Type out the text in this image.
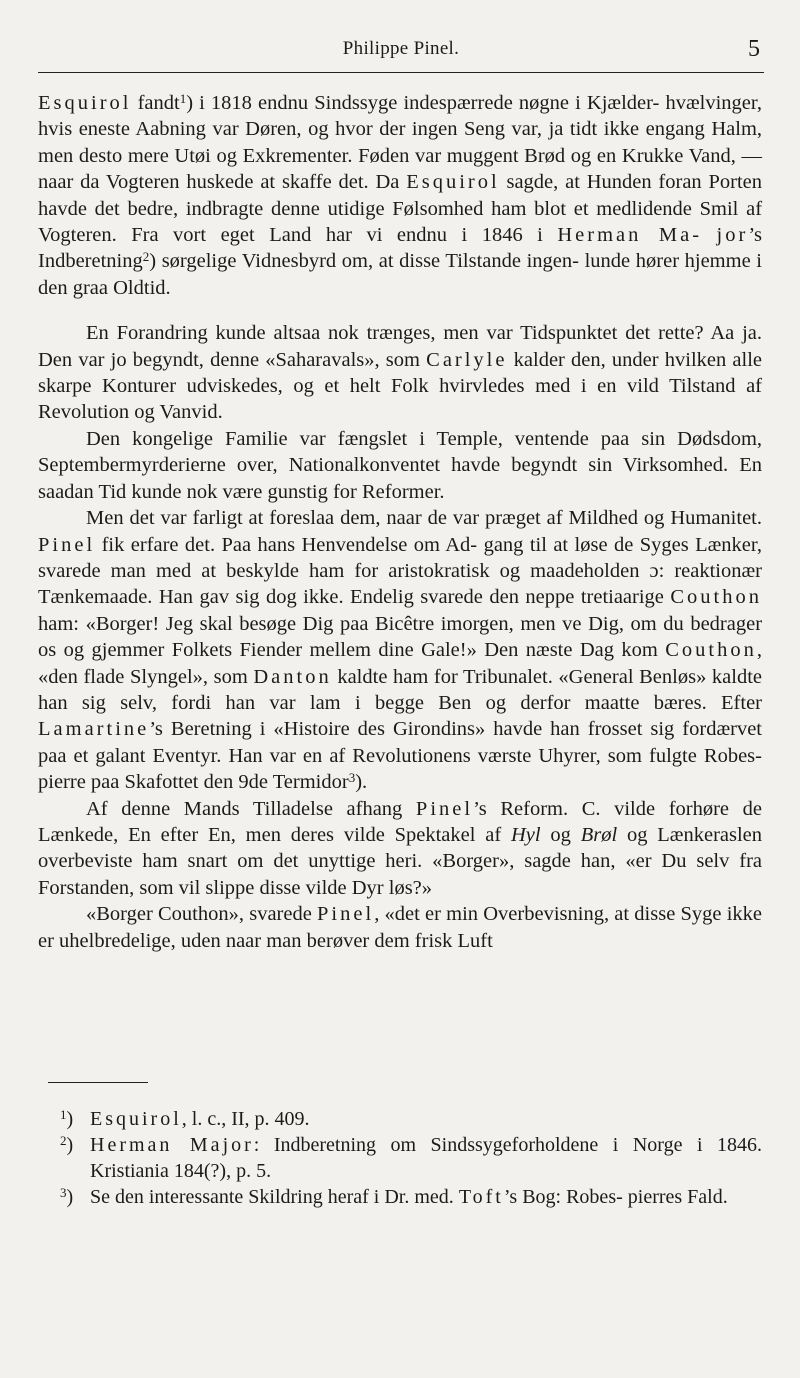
Philippe Pinel.	5

Esquirol fandt$^1$) i 1818 endnu Sindssyge indespærrede nøgne i Kjælder- hvælvinger, hvis eneste Aabning var Døren, og hvor der ingen Seng var, ja tidt ikke engang Halm, men desto mere Utøi og Exkrementer. Føden var muggent Brød og en Krukke Vand, — naar da Vogteren huskede at skaffe det. Da Esquirol sagde, at Hunden foran Porten havde det bedre, indbragte denne utidige Følsomhed ham blot et medlidende Smil af Vogteren. Fra vort eget Land har vi endnu i 1846 i Herman Ma- jor’s Indberetning$^2$) sørgelige Vidnesbyrd om, at disse Tilstande ingen- lunde hører hjemme i den graa Oldtid.

En Forandring kunde altsaa nok trænges, men var Tidspunktet det rette? Aa ja. Den var jo begyndt, denne «Saharavals», som Carlyle kalder den, under hvilken alle skarpe Konturer udviskedes, og et helt Folk hvirvledes med i en vild Tilstand af Revolution og Vanvid.

Den kongelige Familie var fængslet i Temple, ventende paa sin Dødsdom, Septembermyrderierne over, Nationalkonventet havde begyndt sin Virksomhed. En saadan Tid kunde nok være gunstig for Reformer.

Men det var farligt at foreslaa dem, naar de var præget af Mildhed og Humanitet. Pinel fik erfare det. Paa hans Henvendelse om Ad- gang til at løse de Syges Lænker, svarede man med at beskylde ham for aristokratisk og maadeholden ɔ: reaktionær Tænkemaade. Han gav sig dog ikke. Endelig svarede den neppe tretiaarige Couthon ham: «Borger! Jeg skal besøge Dig paa Bicêtre imorgen, men ve Dig, om du bedrager os og gjemmer Folkets Fiender mellem dine Gale!» Den næste Dag kom Couthon, «den flade Slyngel», som Danton kaldte ham for Tribunalet. «General Benløs» kaldte han sig selv, fordi han var lam i begge Ben og derfor maatte bæres. Efter Lamartine’s Beretning i «Histoire des Girondins» havde han frosset sig fordærvet paa et galant Eventyr. Han var en af Revolutionens værste Uhyrer, som fulgte Robes- pierre paa Skafottet den 9de Termidor$^3$).

Af denne Mands Tilladelse afhang Pinel’s Reform. C. vilde forhøre de Lænkede, En efter En, men deres vilde Spektakel af Hyl og Brøl og Lænkeraslen overbeviste ham snart om det unyttige heri. «Borger», sagde han, «er Du selv fra Forstanden, som vil slippe disse vilde Dyr løs?»

«Borger Couthon», svarede Pinel, «det er min Overbevisning, at disse Syge ikke er uhelbredelige, uden naar man berøver dem frisk Luft

$^1$) Esquirol, l. c., II, p. 409.
$^2$) Herman Major: Indberetning om Sindssygeforholdene i Norge i 1846. Kristiania 184(?), p. 5.
$^3$) Se den interessante Skildring heraf i Dr. med. Toft’s Bog: Robes- pierres Fald.
